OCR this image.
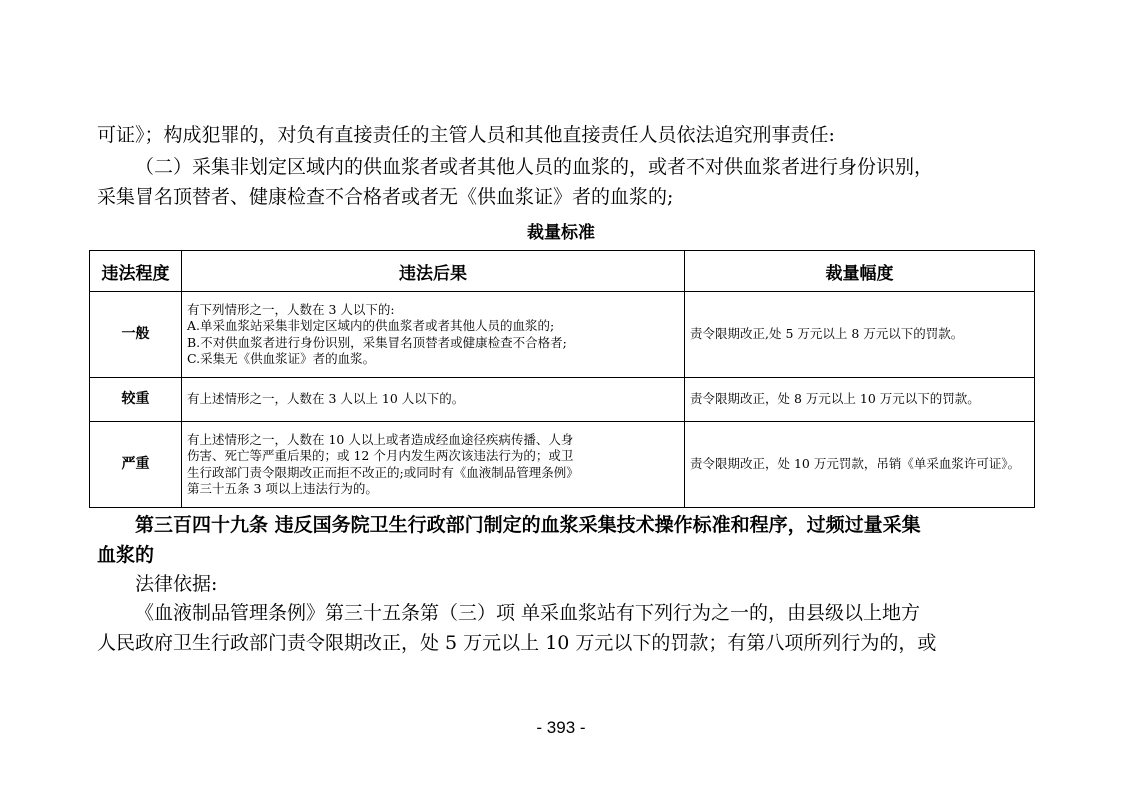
可证》；构成犯罪的，对负有直接责任的主管人员和其他直接责任人员依法追究刑事责任:
（二）采集非划定区域内的供血浆者或者其他人员的血浆的，或者不对供血浆者进行身份识别，
采集冒名顶替者、健康检查不合格者或者无《供血浆证》者的血浆的;
裁量标准
违法程度	违法后果	裁量幅度
一般	有下列情形之一，人数在 3 人以下的:
A.单采血浆站采集非划定区域内的供血浆者或者其他人员的血浆的;
B.不对供血浆者进行身份识别，采集冒名顶替者或健康检查不合格者;
C.采集无《供血浆证》者的血浆。	责令限期改正,处 5 万元以上 8 万元以下的罚款。
较重	有上述情形之一，人数在 3 人以上 10 人以下的。	责令限期改正，处 8 万元以上 10 万元以下的罚款。
严重	有上述情形之一，人数在 10 人以上或者造成经血途径疾病传播、人身
伤害、死亡等严重后果的；或 12 个月内发生两次该违法行为的；或卫
生行政部门责令限期改正而拒不改正的;或同时有《血液制品管理条例》
第三十五条 3 项以上违法行为的。	责令限期改正，处 10 万元罚款，吊销《单采血浆许可证》。
第三百四十九条 违反国务院卫生行政部门制定的血浆采集技术操作标准和程序，过频过量采集
血浆的
法律依据:
《血液制品管理条例》第三十五条第（三）项 单采血浆站有下列行为之一的，由县级以上地方
人民政府卫生行政部门责令限期改正，处 5 万元以上 10 万元以下的罚款；有第八项所列行为的，或
- 393 -
